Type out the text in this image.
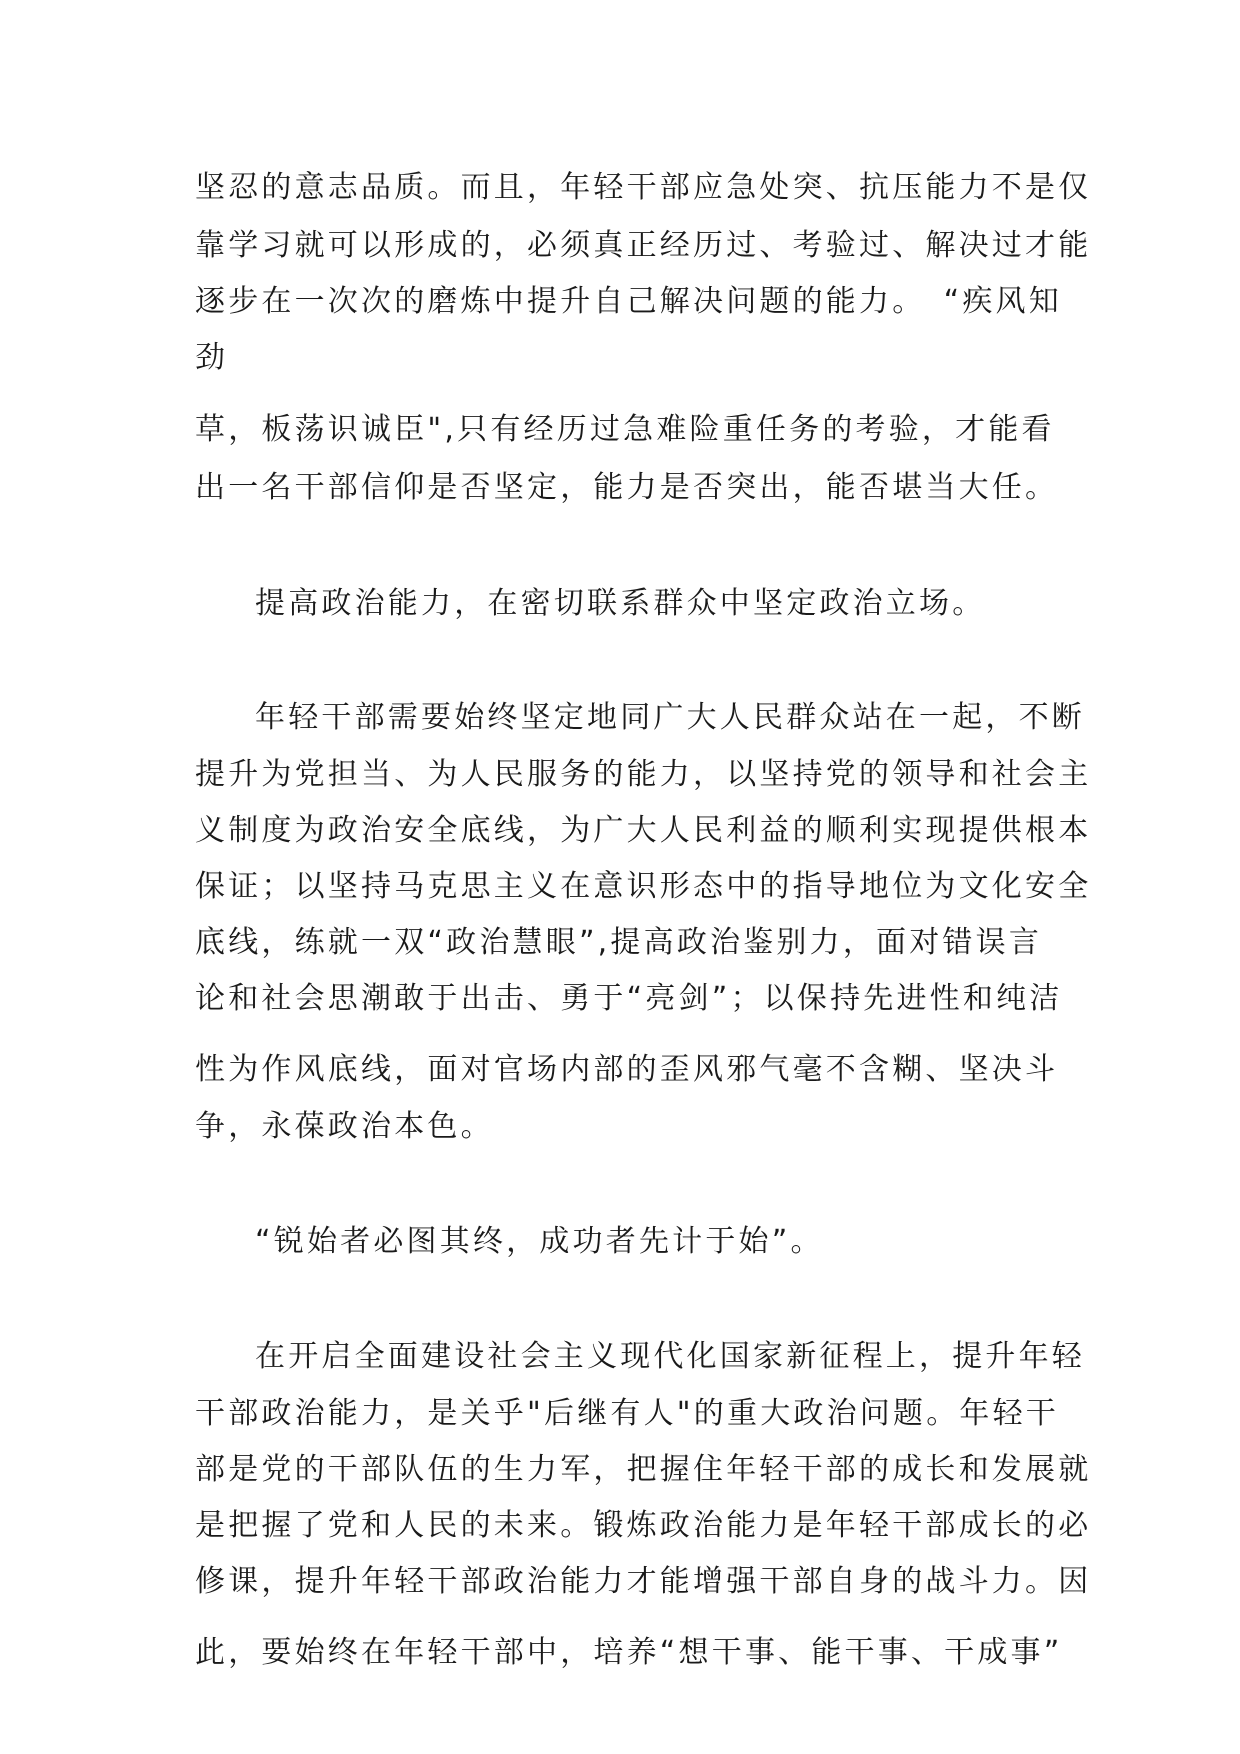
坚忍的意志品质。而且，年轻干部应急处突、抗压能力不是仅
靠学习就可以形成的，必须真正经历过、考验过、解决过才能
逐步在一次次的磨炼中提升自己解决问题的能力。　“疾风知
劲
草，板荡识诚臣",只有经历过急难险重任务的考验，才能看
出一名干部信仰是否坚定，能力是否突出，能否堪当大任。
提高政治能力，在密切联系群众中坚定政治立场。
年轻干部需要始终坚定地同广大人民群众站在一起，不断
提升为党担当、为人民服务的能力，以坚持党的领导和社会主
义制度为政治安全底线，为广大人民利益的顺利实现提供根本
保证；以坚持马克思主义在意识形态中的指导地位为文化安全
底线，练就一双“政治慧眼”,提高政治鉴别力，面对错误言
论和社会思潮敢于出击、勇于“亮剑”；以保持先进性和纯洁
性为作风底线，面对官场内部的歪风邪气毫不含糊、坚决斗
争，永葆政治本色。
“锐始者必图其终，成功者先计于始”。
在开启全面建设社会主义现代化国家新征程上，提升年轻
干部政治能力，是关乎"后继有人"的重大政治问题。年轻干
部是党的干部队伍的生力军，把握住年轻干部的成长和发展就
是把握了党和人民的未来。锻炼政治能力是年轻干部成长的必
修课，提升年轻干部政治能力才能增强干部自身的战斗力。因
此，要始终在年轻干部中，培养“想干事、能干事、干成事”
